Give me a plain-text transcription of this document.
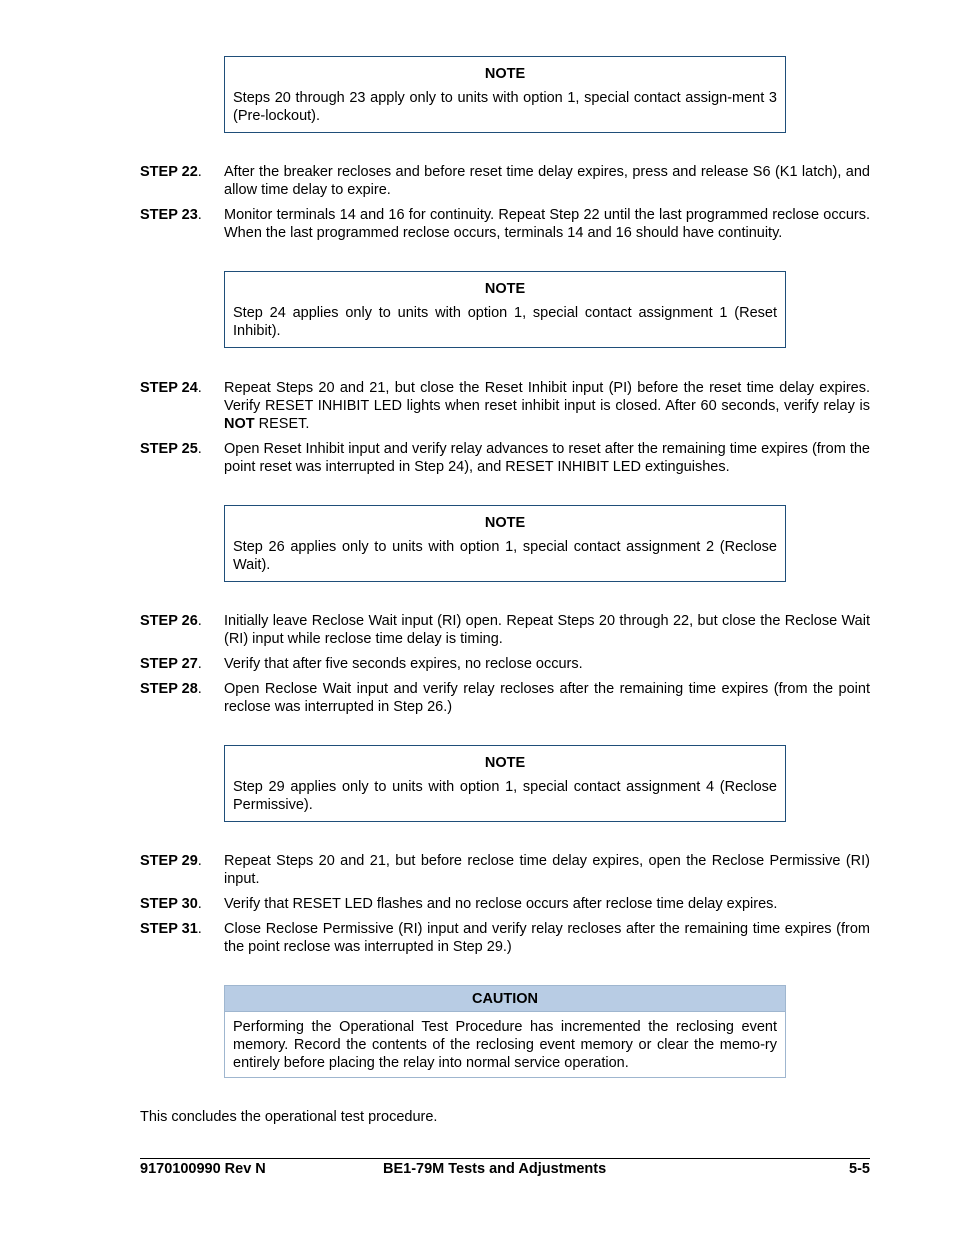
NOTE
Steps 20 through 23 apply only to units with option 1, special contact assign-ment 3 (Pre-lockout).
STEP 22. After the breaker recloses and before reset time delay expires, press and release S6 (K1 latch), and allow time delay to expire.
STEP 23. Monitor terminals 14 and 16 for continuity. Repeat Step 22 until the last programmed reclose occurs. When the last programmed reclose occurs, terminals 14 and 16 should have continuity.
NOTE
Step 24 applies only to units with option 1, special contact assignment 1 (Reset Inhibit).
STEP 24. Repeat Steps 20 and 21, but close the Reset Inhibit input (PI) before the reset time delay expires. Verify RESET INHIBIT LED lights when reset inhibit input is closed. After 60 seconds, verify relay is NOT RESET.
STEP 25. Open Reset Inhibit input and verify relay advances to reset after the remaining time expires (from the point reset was interrupted in Step 24), and RESET INHIBIT LED extinguishes.
NOTE
Step 26 applies only to units with option 1, special contact assignment 2 (Reclose Wait).
STEP 26. Initially leave Reclose Wait input (RI) open. Repeat Steps 20 through 22, but close the Reclose Wait (RI) input while reclose time delay is timing.
STEP 27. Verify that after five seconds expires, no reclose occurs.
STEP 28. Open Reclose Wait input and verify relay recloses after the remaining time expires (from the point reclose was interrupted in Step 26.)
NOTE
Step 29 applies only to units with option 1, special contact assignment 4 (Reclose Permissive).
STEP 29. Repeat Steps 20 and 21, but before reclose time delay expires, open the Reclose Permissive (RI) input.
STEP 30. Verify that RESET LED flashes and no reclose occurs after reclose time delay expires.
STEP 31. Close Reclose Permissive (RI) input and verify relay recloses after the remaining time expires (from the point reclose was interrupted in Step 29.)
CAUTION
Performing the Operational Test Procedure has incremented the reclosing event memory. Record the contents of the reclosing event memory or clear the memo-ry entirely before placing the relay into normal service operation.
This concludes the operational test procedure.
9170100990 Rev N	BE1-79M Tests and Adjustments	5-5
